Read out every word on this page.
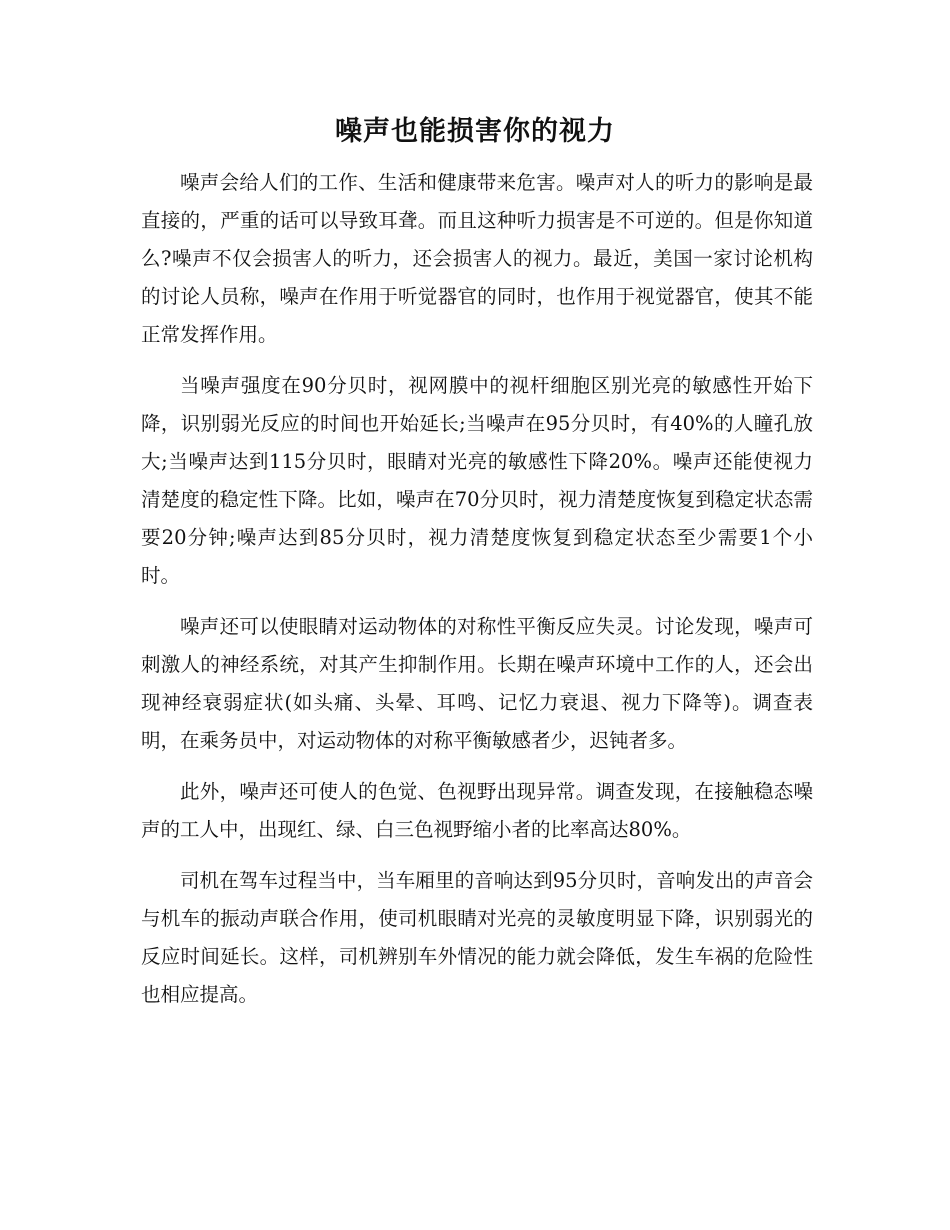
噪声也能损害你的视力

噪声会给人们的工作、生活和健康带来危害。噪声对人的听力的影响是最直接的，严重的话可以导致耳聋。而且这种听力损害是不可逆的。但是你知道么?噪声不仅会损害人的听力，还会损害人的视力。最近，美国一家讨论机构的讨论人员称，噪声在作用于听觉器官的同时，也作用于视觉器官，使其不能正常发挥作用。

当噪声强度在90分贝时，视网膜中的视杆细胞区别光亮的敏感性开始下降，识别弱光反应的时间也开始延长;当噪声在95分贝时，有40%的人瞳孔放大;当噪声达到115分贝时，眼睛对光亮的敏感性下降20%。噪声还能使视力清楚度的稳定性下降。比如，噪声在70分贝时，视力清楚度恢复到稳定状态需要20分钟;噪声达到85分贝时，视力清楚度恢复到稳定状态至少需要1个小时。

噪声还可以使眼睛对运动物体的对称性平衡反应失灵。讨论发现，噪声可刺激人的神经系统，对其产生抑制作用。长期在噪声环境中工作的人，还会出现神经衰弱症状(如头痛、头晕、耳鸣、记忆力衰退、视力下降等)。调查表明，在乘务员中，对运动物体的对称平衡敏感者少，迟钝者多。

此外，噪声还可使人的色觉、色视野出现异常。调查发现，在接触稳态噪声的工人中，出现红、绿、白三色视野缩小者的比率高达80%。

司机在驾车过程当中，当车厢里的音响达到95分贝时，音响发出的声音会与机车的振动声联合作用，使司机眼睛对光亮的灵敏度明显下降，识别弱光的反应时间延长。这样，司机辨别车外情况的能力就会降低，发生车祸的危险性也相应提高。
